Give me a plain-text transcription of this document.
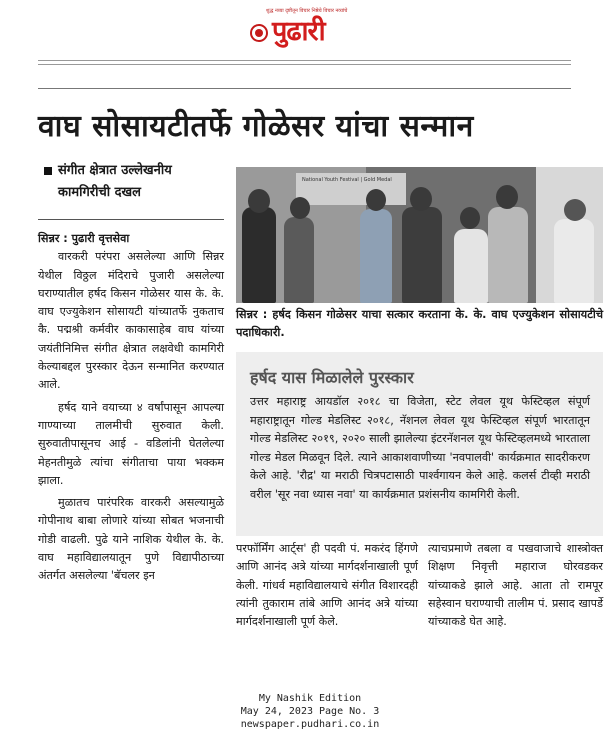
शुद्ध नव्या दृष्टीतून विचार निष्ठेचे विचार नव्यांचे
पुढारी
वाघ सोसायटीतर्फे गोळेसर यांचा सन्मान
संगीत क्षेत्रात उल्लेखनीय
कामगिरीची दखल

सिन्नर : पुढारी वृत्तसेवा

वारकरी परंपरा असलेल्या आणि सिन्नर येथील विठ्ठल मंदिराचे पुजारी असलेल्या घराण्यातील हर्षद किसन गोळेसर यास के. के. वाघ एज्युकेशन सोसायटी यांच्यातर्फे नुकताच कै. पद्मश्री कर्मवीर काकासाहेब वाघ यांच्या जयंतीनिमित्त संगीत क्षेत्रात लक्षवेधी कामगिरी केल्याबद्दल पुरस्कार देऊन सन्मानित करण्यात आले.

हर्षद याने वयाच्या ४ वर्षांपासून आपल्या गाण्याच्या तालमीची सुरुवात केली. सुरुवातीपासूनच आई - वडिलांनी घेतलेल्या मेहनतीमुळे त्यांचा संगीताचा पाया भक्कम झाला.

मुळातच पारंपरिक वारकरी असल्यामुळे गोपीनाथ बाबा लोणारे यांच्या सोबत भजनाची गोडी वाढली. पुढे याने नाशिक येथील के. के. वाघ महाविद्यालयातून पुणे विद्यापीठाच्या अंतर्गत असलेल्या 'बॅचलर इन

National Youth Festival | Gold Medal
सिन्नर : हर्षद किसन गोळेसर याचा सत्कार करताना के. के. वाघ एज्युकेशन सोसायटीचे पदाधिकारी.
हर्षद यास मिळालेले पुरस्कार
उत्तर महाराष्ट्र आयडॉल २०१८ चा विजेता, स्टेट लेवल यूथ फेस्टिव्हल संपूर्ण महाराष्ट्रातून गोल्ड मेडलिस्ट २०१८, नॅशनल लेवल यूथ फेस्टिव्हल संपूर्ण भारतातून गोल्ड मेडलिस्ट २०१९, २०२० साली झालेल्या इंटरनॅशनल यूथ फेस्टिव्हलमध्ये भारताला गोल्ड मेडल मिळवून दिले. त्याने आकाशवाणीच्या 'नवपालवी' कार्यक्रमात सादरीकरण केले आहे. 'रौद्र' या मराठी चित्रपटासाठी पार्श्वगायन केले आहे. कलर्स टीव्ही मराठी वरील 'सूर नवा ध्यास नवा' या कार्यक्रमात प्रशंसनीय कामगिरी केली.

परफॉर्मिंग आर्ट्स' ही पदवी पं. मकरंद हिंगणे आणि आनंद अत्रे यांच्या मार्गदर्शनाखाली पूर्ण केली. गांधर्व महाविद्यालयाचे संगीत विशारदही त्यांनी तुकाराम तांबे आणि आनंद अत्रे यांच्या मार्गदर्शनाखाली पूर्ण केले.

त्याचप्रमाणे तबला व पखवाजाचे शास्त्रोक्त शिक्षण निवृत्ती महाराज घोरवडकर यांच्याकडे झाले आहे. आता तो रामपूर सहेस्वान घराण्याची तालीम पं. प्रसाद खापर्डे यांच्याकडे घेत आहे.

My Nashik Edition
May 24, 2023 Page No. 3
newspaper.pudhari.co.in
